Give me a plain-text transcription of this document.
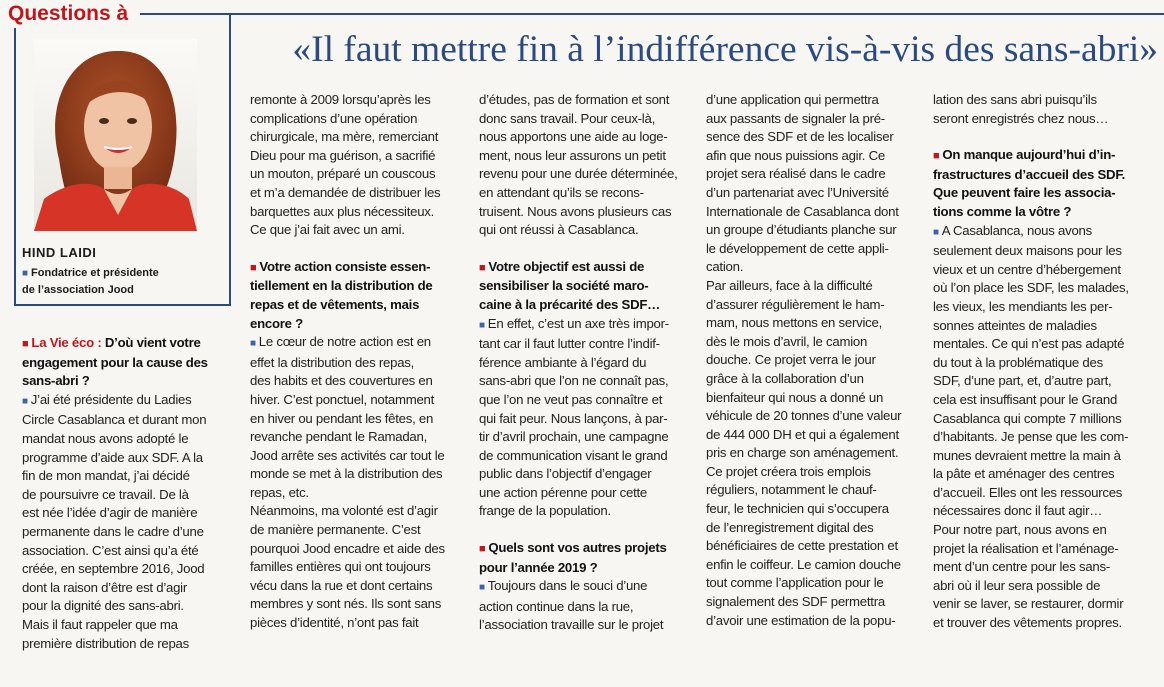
Questions à
HIND LAIDI
■ Fondatrice et présidente
de l’association Jood
«Il faut mettre fin à l’indifférence vis-à-vis des sans-abri»

■ La Vie éco : D’où vient votre
engagement pour la cause des
sans-abri ?

■ J’ai été présidente du Ladies
Circle Casablanca et durant mon
mandat nous avons adopté le
programme d’aide aux SDF. A la
fin de mon mandat, j’ai décidé
de poursuivre ce travail. De là
est née l’idée d’agir de manière
permanente dans le cadre d’une
association. C’est ainsi qu’a été
créée, en septembre 2016, Jood
dont la raison d’être est d’agir
pour la dignité des sans-abri.
Mais il faut rappeler que ma
première distribution de repas

remonte à 2009 lorsqu’après les
complications d’une opération
chirurgicale, ma mère, remerciant
Dieu pour ma guérison, a sacrifié
un mouton, préparé un couscous
et m’a demandée de distribuer les
barquettes aux plus nécessiteux.
Ce que j’ai fait avec un ami.

■ Votre action consiste essen-
tiellement en la distribution de
repas et de vêtements, mais
encore ?

■ Le cœur de notre action est en
effet la distribution des repas,
des habits et des couvertures en
hiver. C’est ponctuel, notamment
en hiver ou pendant les fêtes, en
revanche pendant le Ramadan,
Jood arrête ses activités car tout le
monde se met à la distribution des
repas, etc.
Néanmoins, ma volonté est d’agir
de manière permanente. C’est
pourquoi Jood encadre et aide des
familles entières qui ont toujours
vécu dans la rue et dont certains
membres y sont nés. Ils sont sans
pièces d’identité, n’ont pas fait

d’études, pas de formation et sont
donc sans travail. Pour ceux-là,
nous apportons une aide au loge-
ment, nous leur assurons un petit
revenu pour une durée déterminée,
en attendant qu’ils se recons-
truisent. Nous avons plusieurs cas
qui ont réussi à Casablanca.

■ Votre objectif est aussi de
sensibiliser la société maro-
caine à la précarité des SDF…

■ En effet, c’est un axe très impor-
tant car il faut lutter contre l’indif-
férence ambiante à l’égard du
sans-abri que l’on ne connaît pas,
que l’on ne veut pas connaître et
qui fait peur. Nous lançons, à par-
tir d’avril prochain, une campagne
de communication visant le grand
public dans l’objectif d’engager
une action pérenne pour cette
frange de la population.

■ Quels sont vos autres projets
pour l’année 2019 ?

■ Toujours dans le souci d’une
action continue dans la rue,
l’association travaille sur le projet

d’une application qui permettra
aux passants de signaler la pré-
sence des SDF et de les localiser
afin que nous puissions agir. Ce
projet sera réalisé dans le cadre
d’un partenariat avec l’Université
Internationale de Casablanca dont
un groupe d’étudiants planche sur
le développement de cette appli-
cation.
Par ailleurs, face à la difficulté
d’assurer régulièrement le ham-
mam, nous mettons en service,
dès le mois d’avril, le camion
douche. Ce projet verra le jour
grâce à la collaboration d’un
bienfaiteur qui nous a donné un
véhicule de 20 tonnes d’une valeur
de 444 000 DH et qui a également
pris en charge son aménagement.
Ce projet créera trois emplois
réguliers, notamment le chauf-
feur, le technicien qui s’occupera
de l’enregistrement digital des
bénéficiaires de cette prestation et
enfin le coiffeur. Le camion douche
tout comme l’application pour le
signalement des SDF permettra
d’avoir une estimation de la popu-

lation des sans abri puisqu’ils
seront enregistrés chez nous…

■ On manque aujourd’hui d’in-
frastructures d’accueil des SDF.
Que peuvent faire les associa-
tions comme la vôtre ?

■ A Casablanca, nous avons
seulement deux maisons pour les
vieux et un centre d’hébergement
où l’on place les SDF, les malades,
les vieux, les mendiants les per-
sonnes atteintes de maladies
mentales. Ce qui n’est pas adapté
du tout à la problématique des
SDF, d’une part, et, d’autre part,
cela est insuffisant pour le Grand
Casablanca qui compte 7 millions
d’habitants. Je pense que les com-
munes devraient mettre la main à
la pâte et aménager des centres
d’accueil. Elles ont les ressources
nécessaires donc il faut agir…
Pour notre part, nous avons en
projet la réalisation et l’aménage-
ment d’un centre pour les sans-
abri où il leur sera possible de
venir se laver, se restaurer, dormir
et trouver des vêtements propres.
